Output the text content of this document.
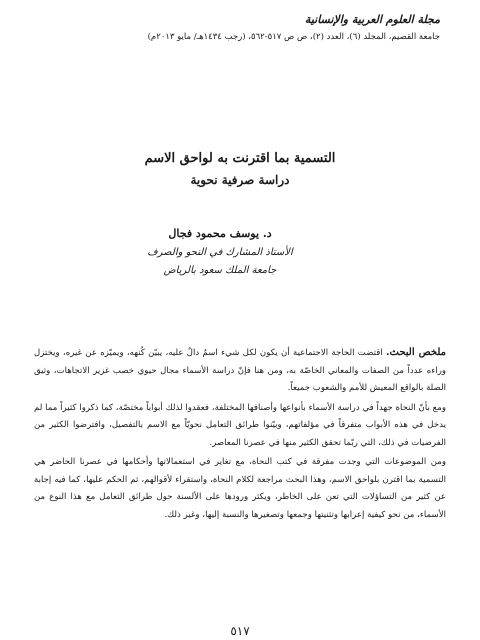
مجلة العلوم العربية والإنسانية
جامعة القصيم، المجلد (٦)، العدد (٢)، ص ص ٥١٧-٥٦٢، (رجب ١٤٣٤هـ/ مايو ٢٠١٣م)
التسمية بما اقترنت به لواحق الاسم
دراسة صرفية نحوية
د. يوسف محمود فجال
الأستاذ المشارك في النحو والصرف
جامعة الملك سعود بالرياض

ملخص البحث. اقتضت الحاجة الاجتماعية أن يكون لكل شيء اسمٌ دالٌ عليه، يبيّن كُنهه، ويميّزه عن غيره، ويختزل وراءه عدداً من الصفات والمعاني الخاصّة به، ومن هنا فإنّ دراسة الأسماء مجال حيوي خصب غزير الاتجاهات، وثيق الصلة بالواقع المعيش للأمم والشعوب جميعاً.

ومع بأنّ النحاة جهداً في دراسة الأسماء بأنواعها وأصنافها المختلفة، فعقدوا لذلك أبواباً مختصّة، كما ذكروا كثيراً مما لم يدخل في هذه الأبواب متفرقاً في مؤلفاتهم، وبيّنوا طرائق التعامل نحويّاً مع الاسم بالتفصيل، وافترضوا الكثير من الفرضيات في ذلك، التي ربّما تحقق الكثير منها في عصرنا المعاصر.

ومن الموضوعات التي وجدت مفرقة في كتب النحاة، مع تغاير في استعمالاتها وأحكامها في عصرنا الحاضر هي التسمية بما اقترن بلواحق الاسم، وهذا البحث مراجعة لكلام النحاة، واستقراء لأقوالهم، ثم الحكم عليها، كما فيه إجابة عن كثير من التساؤلات التي تعن على الخاطر، ويكثر ورودها على الألسنة حول طرائق التعامل مع هذا النوع من الأسماء، من نحو كيفية إعرابها وتثنيتها وجمعها وتصغيرها والنسبة إليها، وغير ذلك.

٥١٧
